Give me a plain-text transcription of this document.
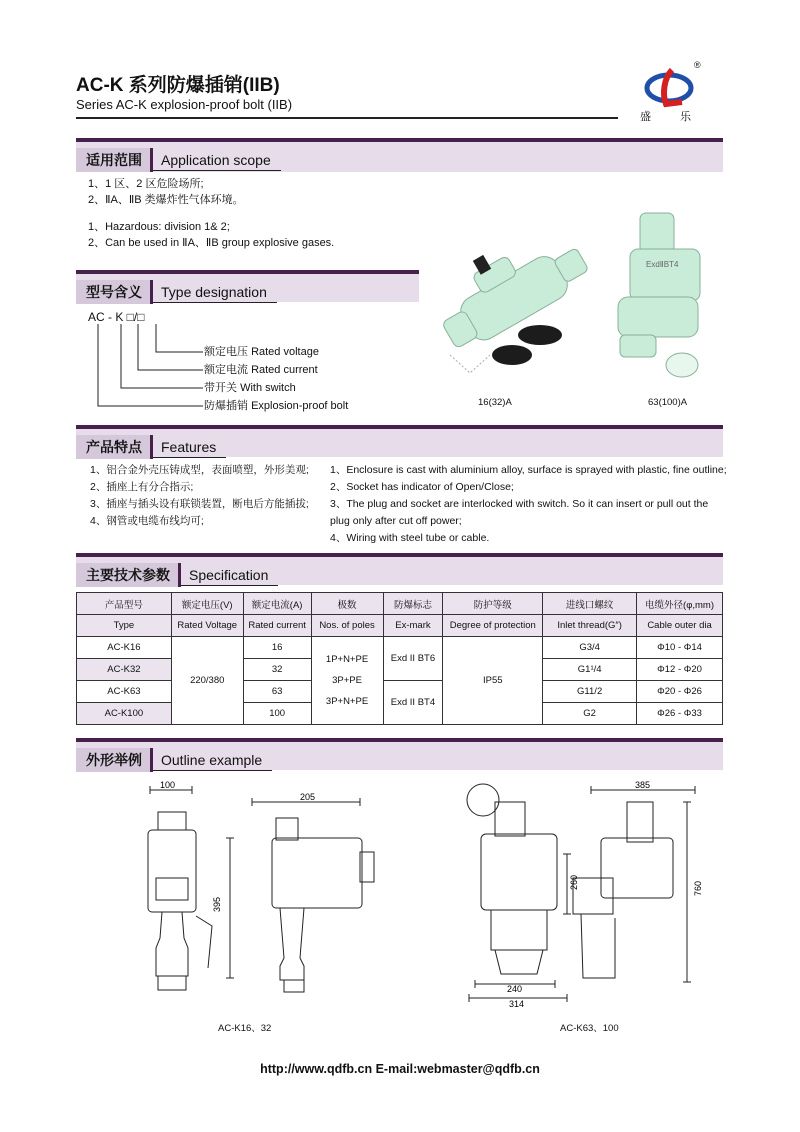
AC-K 系列防爆插销(IIB)
Series AC-K explosion-proof bolt (IIB)
®
盛	乐
适用范围	Application scope
1、1 区、2 区危险场所;
2、ⅡA、ⅡB 类爆炸性气体环境。
1、Hazardous: division 1& 2;
2、Can be used in ⅡA、ⅡB group explosive gases.
型号含义	Type designation
AC - K □/□
额定电压 Rated voltage
额定电流 Rated current
带开关 With switch
防爆插销 Explosion-proof bolt
ExdⅡBT4
16(32)A	63(100)A
产品特点	Features
1、铝合金外壳压铸成型，表面喷塑，外形美观;
2、插座上有分合指示;
3、插座与插头设有联锁装置，断电后方能插拔;
4、钢管或电缆布线均可;
1、Enclosure is cast with aluminium alloy, surface is sprayed with plastic, fine outline;
2、Socket has indicator of Open/Close;
3、The plug and socket are interlocked with switch. So it can insert or pull out the
plug only after cut off power;
4、Wiring with steel tube or cable.
主要技术参数	Specification
产品型号	额定电压(V)	额定电流(A)	极数	防爆标志	防护等级	进线口螺纹	电缆外径(φ,mm)
Type	Rated Voltage	Rated current	Nos. of poles	Ex-mark	Degree of protection	Inlet thread(G″)	Cable outer dia
AC-K16	220/380	16	1P+N+PE
3P+PE
3P+N+PE	Exd II BT6	IP55	G3/4	Φ10 - Φ14
AC-K32		32				G1¹/4	Φ12 - Φ20
AC-K63		63		Exd II BT4		G11/2	Φ20 - Φ26
AC-K100		100				G2	Φ26 - Φ33
外形举例	Outline example
100
205
395
385
260	760
240
314
AC-K16、32	AC-K63、100
http://www.qdfb.cn E-mail:webmaster@qdfb.cn
